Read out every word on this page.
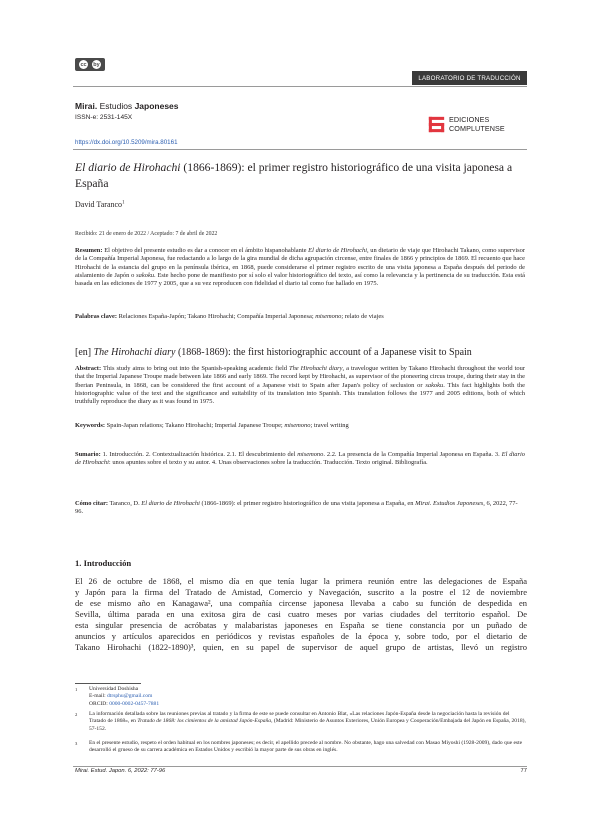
cc by
LABORATORIO DE TRADUCCIÓN
Mirai. Estudios Japoneses
ISSN-e: 2531-145X	EDICIONES
COMPLUTENSE
https://dx.doi.org/10.5209/mira.80161
El diario de Hirohachi (1866-1869): el primer registro historiográfico de una visita japonesa a España
David Taranco$^1$
Recibido: 21 de enero de 2022 / Aceptado: 7 de abril de 2022
Resumen: El objetivo del presente estudio es dar a conocer en el ámbito hispanohablante El diario de Hirohachi, un dietario de viaje que Hirohachi Takano, como supervisor de la Compañía Imperial Japonesa, fue redactando a lo largo de la gira mundial de dicha agrupación circense, entre finales de 1866 y principios de 1869. El recuento que hace Hirohachi de la estancia del grupo en la península ibérica, en 1868, puede considerarse el primer registro escrito de una visita japonesa a España después del periodo de aislamiento de Japón o sakoku. Este hecho pone de manifiesto por sí solo el valor historiográfico del texto, así como la relevancia y la pertinencia de su traducción. Esta está basada en las ediciones de 1977 y 2005, que a su vez reproducen con fidelidad el diario tal como fue hallado en 1975.
Palabras clave: Relaciones España-Japón; Takano Hirohachi; Compañía Imperial Japonesa; misemono; relato de viajes
[en] The Hirohachi diary (1868-1869): the first historiographic account of a Japanese visit to Spain
Abstract: This study aims to bring out into the Spanish-speaking academic field The Hirohachi diary, a travelogue written by Takano Hirohachi throughout the world tour that the Imperial Japanese Troupe made between late 1866 and early 1869. The record kept by Hirohachi, as supervisor of the pioneering circus troupe, during their stay in the Iberian Peninsula, in 1868, can be considered the first account of a Japanese visit to Spain after Japan's policy of seclusion or sakoku. This fact highlights both the historiographic value of the text and the significance and suitability of its translation into Spanish. This translation follows the 1977 and 2005 editions, both of which truthfully reproduce the diary as it was found in 1975.
Keywords: Spain-Japan relations; Takano Hirohachi; Imperial Japanese Troupe; misemono; travel writing
Sumario: 1. Introducción. 2. Contextualización histórica. 2.1. El descubrimiento del misemono. 2.2. La presencia de la Compañía Imperial Japonesa en España. 3. El diario de Hirohachi: unos apuntes sobre el texto y su autor. 4. Unas observaciones sobre la traducción. Traducción. Texto original. Bibliografía.
Cómo citar: Taranco, D. El diario de Hirohachi (1866-1869): el primer registro historiográfico de una visita japonesa a España, en Mirai. Estudios Japoneses, 6, 2022, 77-96.
1. Introducción
El 26 de octubre de 1868, el mismo día en que tenía lugar la primera reunión entre las delegaciones de España
y Japón para la firma del Tratado de Amistad, Comercio y Navegación, suscrito a la postre el 12 de noviembre
de ese mismo año en Kanagawa², una compañía circense japonesa llevaba a cabo su función de despedida en
Sevilla, última parada en una exitosa gira de casi cuatro meses por varias ciudades del territorio español. De
esta singular presencia de acróbatas y malabaristas japoneses en España se tiene constancia por un puñado de
anuncios y artículos aparecidos en periódicos y revistas españoles de la época y, sobre todo, por el dietario de
Takano Hirohachi (1822-1890)³, quien, en su papel de supervisor de aquel grupo de artistas, llevó un registro
1	Universidad Doshisha
E-mail: dtrsphu@gmail.com
ORCID: 0000-0002-0457-7881
2	La información detallada sobre las reuniones previas al tratado y la firma de este se puede consultar en Antonio Blat, «Las relaciones Japón-España desde la negociación hasta la revisión del Tratado de 1868», en Tratado de 1868: los cimientos de la amistad Japón-España, (Madrid: Ministerio de Asuntos Exteriores, Unión Europea y Cooperación/Embajada del Japón en España, 2018), 57-152.
3	En el presente estudio, respeto el orden habitual en los nombres japoneses; es decir, el apellido precede al nombre. No obstante, hago una salvedad con Masao Miyoshi (1928-2009), dado que este desarrolló el grueso de su carrera académica en Estados Unidos y escribió la mayor parte de sus obras en inglés.
Mirai. Estud. Japon. 6, 2022: 77-96	77
